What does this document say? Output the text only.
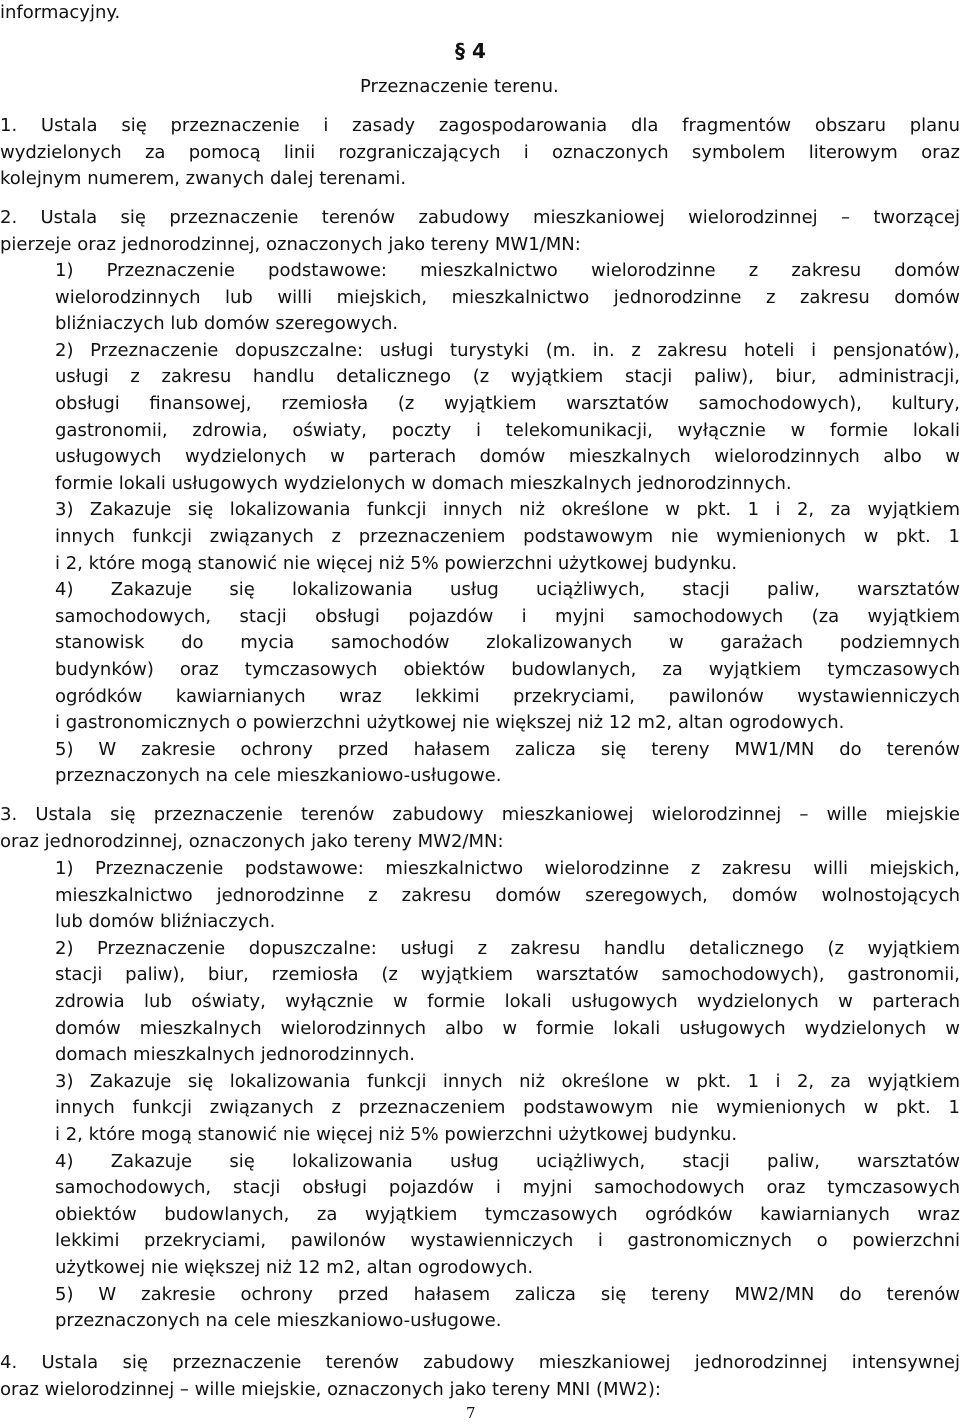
informacyjny.
§ 4
Przeznaczenie terenu.
1. Ustala się przeznaczenie i zasady zagospodarowania dla fragmentów obszaru planu
wydzielonych za pomocą linii rozgraniczających i oznaczonych symbolem literowym oraz
kolejnym numerem, zwanych dalej terenami.
2. Ustala się przeznaczenie terenów zabudowy mieszkaniowej wielorodzinnej – tworzącej
pierzeje oraz jednorodzinnej, oznaczonych jako tereny MW1/MN:
1) Przeznaczenie podstawowe: mieszkalnictwo wielorodzinne z zakresu domów
wielorodzinnych lub willi miejskich, mieszkalnictwo jednorodzinne z zakresu domów
bliźniaczych lub domów szeregowych.
2) Przeznaczenie dopuszczalne: usługi turystyki (m. in. z zakresu hoteli i pensjonatów),
usługi z zakresu handlu detalicznego (z wyjątkiem stacji paliw), biur, administracji,
obsługi finansowej, rzemiosła (z wyjątkiem warsztatów samochodowych), kultury,
gastronomii, zdrowia, oświaty, poczty i telekomunikacji, wyłącznie w formie lokali
usługowych wydzielonych w parterach domów mieszkalnych wielorodzinnych albo w
formie lokali usługowych wydzielonych w domach mieszkalnych jednorodzinnych.
3) Zakazuje się lokalizowania funkcji innych niż określone w pkt. 1 i 2, za wyjątkiem
innych funkcji związanych z przeznaczeniem podstawowym nie wymienionych w pkt. 1
i 2, które mogą stanowić nie więcej niż 5% powierzchni użytkowej budynku.
4) Zakazuje się lokalizowania usług uciążliwych, stacji paliw, warsztatów
samochodowych, stacji obsługi pojazdów i myjni samochodowych (za wyjątkiem
stanowisk do mycia samochodów zlokalizowanych w garażach podziemnych
budynków) oraz tymczasowych obiektów budowlanych, za wyjątkiem tymczasowych
ogródków kawiarnianych wraz lekkimi przekryciami, pawilonów wystawienniczych
i gastronomicznych o powierzchni użytkowej nie większej niż 12 m2, altan ogrodowych.
5) W zakresie ochrony przed hałasem zalicza się tereny MW1/MN do terenów
przeznaczonych na cele mieszkaniowo-usługowe.
3. Ustala się przeznaczenie terenów zabudowy mieszkaniowej wielorodzinnej – wille miejskie
oraz jednorodzinnej, oznaczonych jako tereny MW2/MN:
1) Przeznaczenie podstawowe: mieszkalnictwo wielorodzinne z zakresu willi miejskich,
mieszkalnictwo jednorodzinne z zakresu domów szeregowych, domów wolnostojących
lub domów bliźniaczych.
2) Przeznaczenie dopuszczalne: usługi z zakresu handlu detalicznego (z wyjątkiem
stacji paliw), biur, rzemiosła (z wyjątkiem warsztatów samochodowych), gastronomii,
zdrowia lub oświaty, wyłącznie w formie lokali usługowych wydzielonych w parterach
domów mieszkalnych wielorodzinnych albo w formie lokali usługowych wydzielonych w
domach mieszkalnych jednorodzinnych.
3) Zakazuje się lokalizowania funkcji innych niż określone w pkt. 1 i 2, za wyjątkiem
innych funkcji związanych z przeznaczeniem podstawowym nie wymienionych w pkt. 1
i 2, które mogą stanowić nie więcej niż 5% powierzchni użytkowej budynku.
4) Zakazuje się lokalizowania usług uciążliwych, stacji paliw, warsztatów
samochodowych, stacji obsługi pojazdów i myjni samochodowych oraz tymczasowych
obiektów budowlanych, za wyjątkiem tymczasowych ogródków kawiarnianych wraz
lekkimi przekryciami, pawilonów wystawienniczych i gastronomicznych o powierzchni
użytkowej nie większej niż 12 m2, altan ogrodowych.
5) W zakresie ochrony przed hałasem zalicza się tereny MW2/MN do terenów
przeznaczonych na cele mieszkaniowo-usługowe.
4. Ustala się przeznaczenie terenów zabudowy mieszkaniowej jednorodzinnej intensywnej
oraz wielorodzinnej – wille miejskie, oznaczonych jako tereny MNI (MW2):
7
